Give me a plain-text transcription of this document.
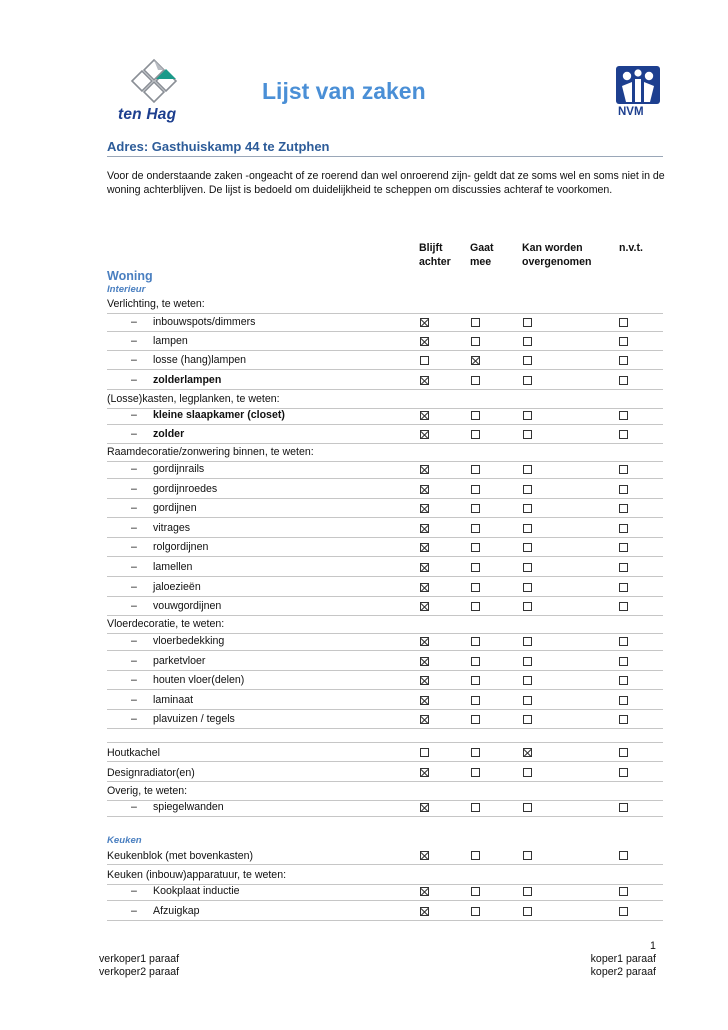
ten Hag
Lijst van zaken
NVM
Adres: Gasthuiskamp 44 te Zutphen
Voor de onderstaande zaken -ongeacht of ze roerend dan wel onroerend zijn- geldt dat ze soms wel en soms niet in de woning achterblijven. De lijst is bedoeld om duidelijkheid te scheppen om discussies achteraf te voorkomen.
Blijft
achter
Gaat
mee
Kan worden
overgenomen
n.v.t.
Woning
Interieur
Verlichting, te weten:
– inbouwspots/dimmers
– lampen
– losse (hang)lampen
– zolderlampen
(Losse)kasten, legplanken, te weten:
– kleine slaapkamer (closet)
– zolder
Raamdecoratie/zonwering binnen, te weten:
– gordijnrails
– gordijnroedes
– gordijnen
– vitrages
– rolgordijnen
– lamellen
– jaloezieën
– vouwgordijnen
Vloerdecoratie, te weten:
– vloerbedekking
– parketvloer
– houten vloer(delen)
– laminaat
– plavuizen / tegels
Houtkachel
Designradiator(en)
Overig, te weten:
– spiegelwanden
Keuken
Keukenblok (met bovenkasten)
Keuken (inbouw)apparatuur, te weten:
– Kookplaat inductie
– Afzuigkap
1
verkoper1 paraaf
verkoper2 paraaf
koper1 paraaf
koper2 paraaf
